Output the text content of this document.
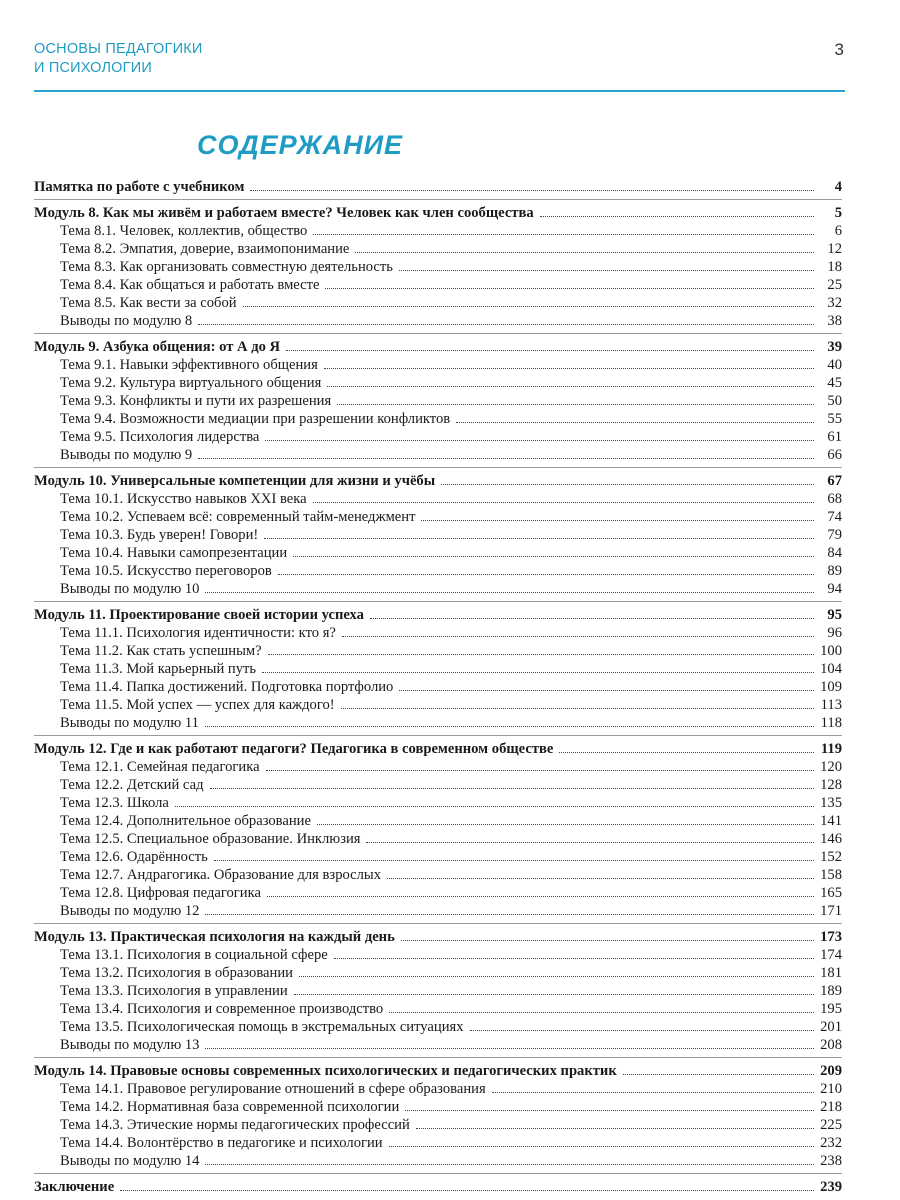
ОСНОВЫ ПЕДАГОГИКИ
И ПСИХОЛОГИИ
3
СОДЕРЖАНИЕ
Памятка по работе с учебником	4
Модуль 8. Как мы живём и работаем вместе? Человек как член сообщества	5
Тема 8.1. Человек, коллектив, общество	6
Тема 8.2. Эмпатия, доверие, взаимопонимание	12
Тема 8.3. Как организовать совместную деятельность	18
Тема 8.4. Как общаться и работать вместе	25
Тема 8.5. Как вести за собой	32
Выводы по модулю 8	38
Модуль 9. Азбука общения: от А до Я	39
Тема 9.1. Навыки эффективного общения	40
Тема 9.2. Культура виртуального общения	45
Тема 9.3. Конфликты и пути их разрешения	50
Тема 9.4. Возможности медиации при разрешении конфликтов	55
Тема 9.5. Психология лидерства	61
Выводы по модулю 9	66
Модуль 10. Универсальные компетенции для жизни и учёбы	67
Тема 10.1. Искусство навыков XXI века	68
Тема 10.2. Успеваем всё: современный тайм-менеджмент	74
Тема 10.3. Будь уверен! Говори!	79
Тема 10.4. Навыки самопрезентации	84
Тема 10.5. Искусство переговоров	89
Выводы по модулю 10	94
Модуль 11. Проектирование своей истории успеха	95
Тема 11.1. Психология идентичности: кто я?	96
Тема 11.2. Как стать успешным?	100
Тема 11.3. Мой карьерный путь	104
Тема 11.4. Папка достижений. Подготовка портфолио	109
Тема 11.5. Мой успех — успех для каждого!	113
Выводы по модулю 11	118
Модуль 12. Где и как работают педагоги? Педагогика в современном обществе	119
Тема 12.1. Семейная педагогика	120
Тема 12.2. Детский сад	128
Тема 12.3. Школа	135
Тема 12.4. Дополнительное образование	141
Тема 12.5. Специальное образование. Инклюзия	146
Тема 12.6. Одарённость	152
Тема 12.7. Андрагогика. Образование для взрослых	158
Тема 12.8. Цифровая педагогика	165
Выводы по модулю 12	171
Модуль 13. Практическая психология на каждый день	173
Тема 13.1. Психология в социальной сфере	174
Тема 13.2. Психология в образовании	181
Тема 13.3. Психология в управлении	189
Тема 13.4. Психология и современное производство	195
Тема 13.5. Психологическая помощь в экстремальных ситуациях	201
Выводы по модулю 13	208
Модуль 14. Правовые основы современных психологических и педагогических практик	209
Тема 14.1. Правовое регулирование отношений в сфере образования	210
Тема 14.2. Нормативная база современной психологии	218
Тема 14.3. Этические нормы педагогических профессий	225
Тема 14.4. Волонтёрство в педагогике и психологии	232
Выводы по модулю 14	238
Заключение	239
